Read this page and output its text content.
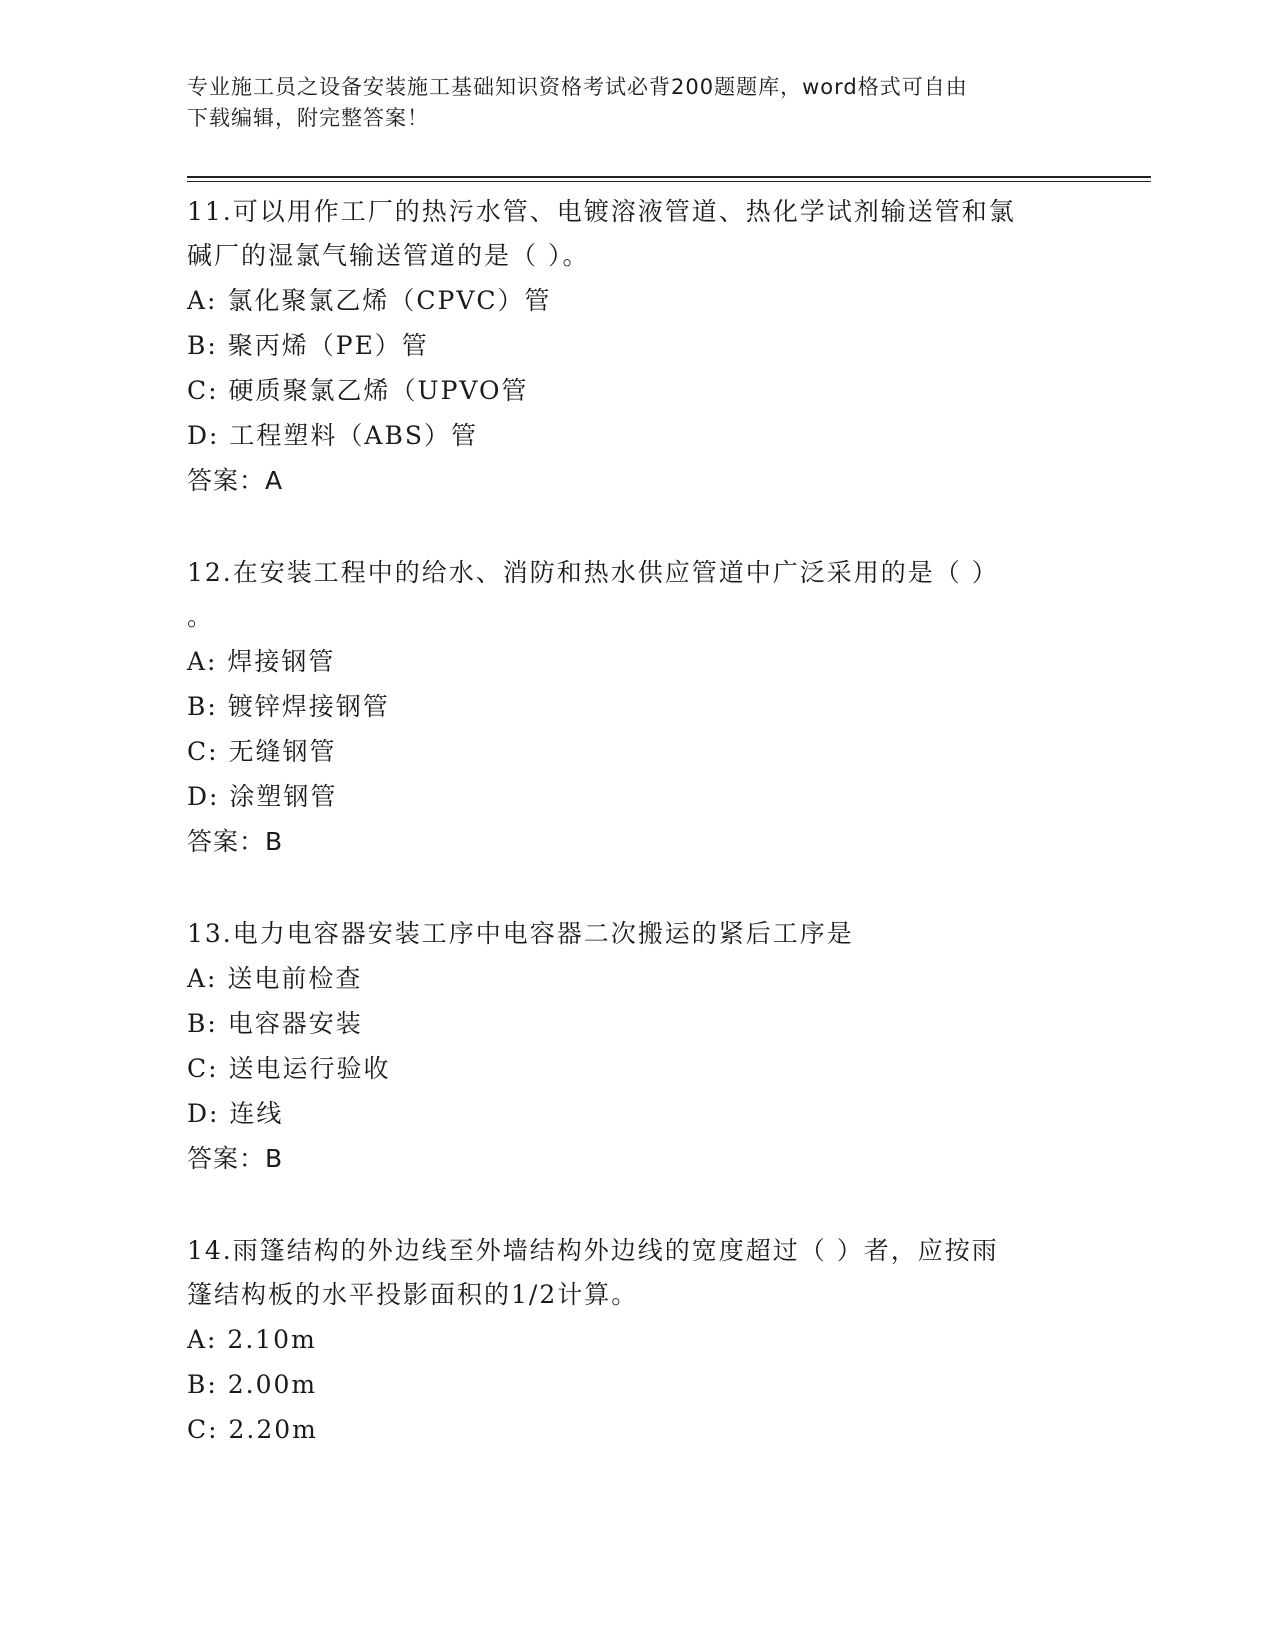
专业施工员之设备安装施工基础知识资格考试必背200题题库，word格式可自由
下载编辑，附完整答案！

11.可以用作工厂的热污水管、电镀溶液管道、热化学试剂输送管和氯

碱厂的湿氯气输送管道的是（ ）。

A: 氯化聚氯乙烯（CPVC）管

B: 聚丙烯（PE）管

C: 硬质聚氯乙烯（UPVO管

D: 工程塑料（ABS）管

答案：A

12.在安装工程中的给水、消防和热水供应管道中广泛采用的是（ ）

。

A: 焊接钢管

B: 镀锌焊接钢管

C: 无缝钢管

D: 涂塑钢管

答案：B

13.电力电容器安装工序中电容器二次搬运的紧后工序是

A: 送电前检查

B: 电容器安装

C: 送电运行验收

D: 连线

答案：B

14.雨篷结构的外边线至外墙结构外边线的宽度超过（ ）者，应按雨

篷结构板的水平投影面积的1/2计算。

A: 2.10m

B: 2.00m

C: 2.20m
